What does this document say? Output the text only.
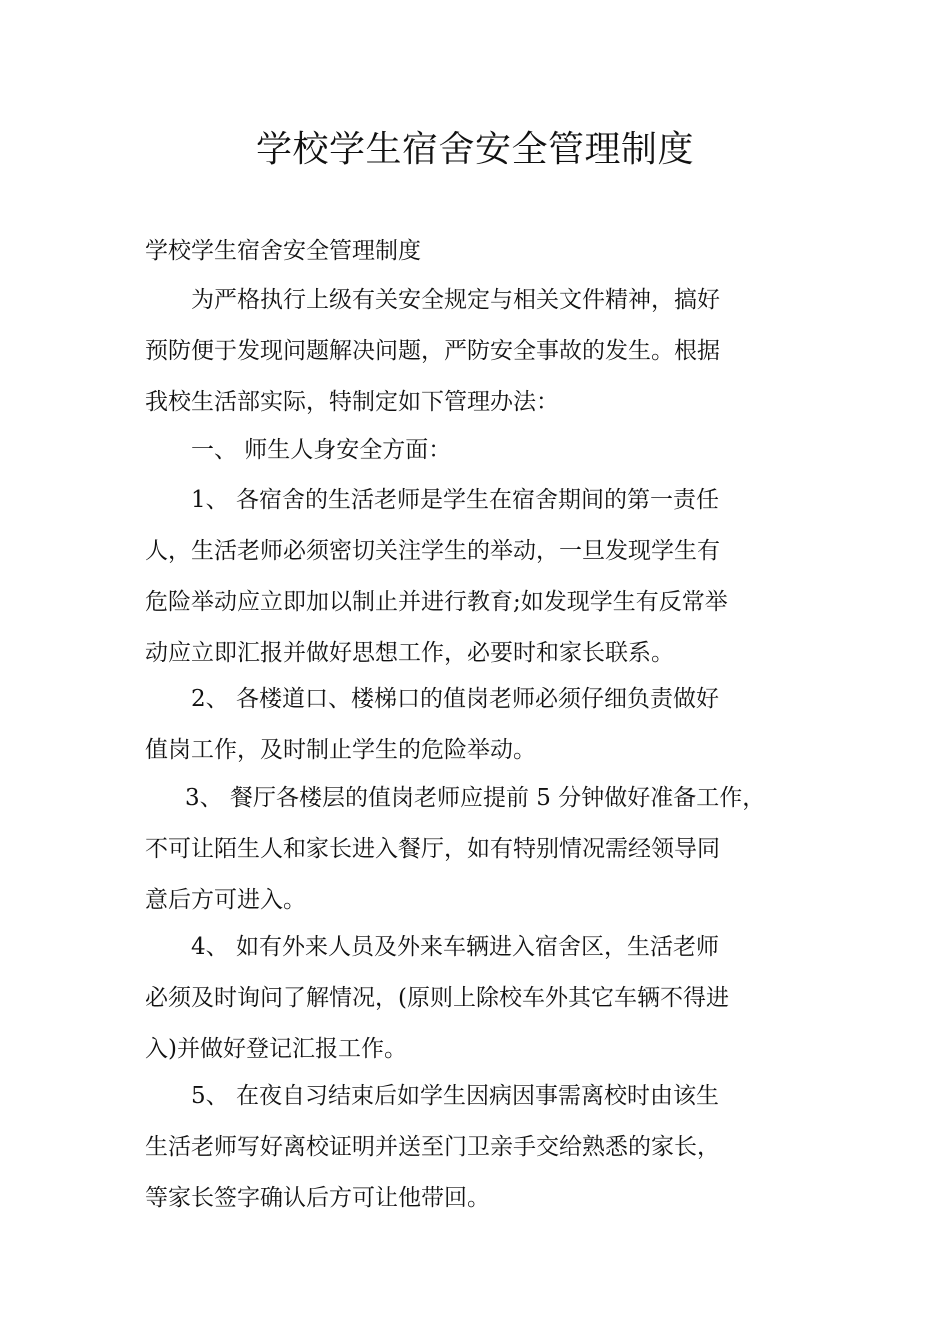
学校学生宿舍安全管理制度

学校学生宿舍安全管理制度

为严格执行上级有关安全规定与相关文件精神，搞好
预防便于发现问题解决问题，严防安全事故的发生。根据
我校生活部实际，特制定如下管理办法：

一、 师生人身安全方面：

1、 各宿舍的生活老师是学生在宿舍期间的第一责任
人，生活老师必须密切关注学生的举动，一旦发现学生有
危险举动应立即加以制止并进行教育;如发现学生有反常举
动应立即汇报并做好思想工作，必要时和家长联系。

2、 各楼道口、楼梯口的值岗老师必须仔细负责做好
值岗工作，及时制止学生的危险举动。

3、 餐厅各楼层的值岗老师应提前 5 分钟做好准备工作，
不可让陌生人和家长进入餐厅，如有特别情况需经领导同
意后方可进入。

4、 如有外来人员及外来车辆进入宿舍区，生活老师
必须及时询问了解情况，(原则上除校车外其它车辆不得进
入)并做好登记汇报工作。

5、 在夜自习结束后如学生因病因事需离校时由该生
生活老师写好离校证明并送至门卫亲手交给熟悉的家长，
等家长签字确认后方可让他带回。
